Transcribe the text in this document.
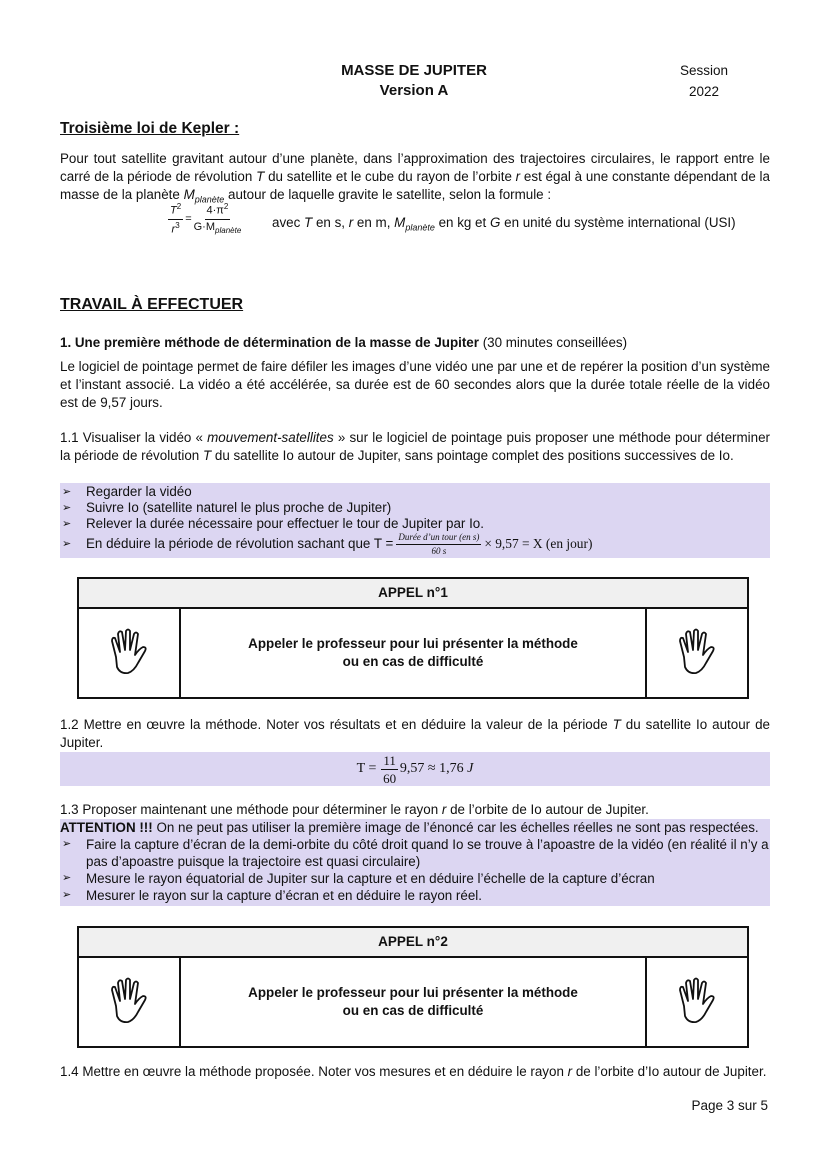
MASSE DE JUPITER
Version A
Session
2022
Troisième loi de Kepler :
Pour tout satellite gravitant autour d’une planète, dans l’approximation des trajectoires circulaires, le rapport entre le carré de la période de révolution T du satellite et le cube du rayon de l’orbite r est égal à une constante dépendant de la masse de la planète $M_{planète}$ autour de laquelle gravite le satellite, selon la formule :
$\frac{T^2}{r^3} = \frac{4\cdot\pi^2}{G\cdot M_{planète}}$ avec T en s, r en m, $M_{planète}$ en kg et G en unité du système international (USI)
TRAVAIL À EFFECTUER
1. Une première méthode de détermination de la masse de Jupiter (30 minutes conseillées)
Le logiciel de pointage permet de faire défiler les images d’une vidéo une par une et de repérer la position d’un système et l’instant associé. La vidéo a été accélérée, sa durée est de 60 secondes alors que la durée totale réelle de la vidéo est de 9,57 jours.
1.1 Visualiser la vidéo « mouvement-satellites » sur le logiciel de pointage puis proposer une méthode pour déterminer la période de révolution T du satellite Io autour de Jupiter, sans pointage complet des positions successives de Io.
➢	Regarder la vidéo
➢	Suivre Io (satellite naturel le plus proche de Jupiter)
➢	Relever la durée nécessaire pour effectuer le tour de Jupiter par Io.
➢	En déduire la période de révolution sachant que $T = \frac{\text{Durée d’un tour (en s)}}{60 s} \times 9,57 = X$ (en jour)
APPEL n°1
Appeler le professeur pour lui présenter la méthode
ou en cas de difficulté
1.2 Mettre en œuvre la méthode. Noter vos résultats et en déduire la valeur de la période T du satellite Io autour de Jupiter.
$T = \frac{11}{60} 9,57 \approx 1,76$
J
1.3 Proposer maintenant une méthode pour déterminer le rayon r de l’orbite de Io autour de Jupiter.
ATTENTION !!! On ne peut pas utiliser la première image de l’énoncé car les échelles réelles ne sont pas respectées.
➢	Faire la capture d’écran de la demi-orbite du côté droit quand Io se trouve à l’apoastre de la vidéo (en réalité il n’y a pas d’apoastre puisque la trajectoire est quasi circulaire)
➢	Mesure le rayon équatorial de Jupiter sur la capture et en déduire l’échelle de la capture d’écran
➢	Mesurer le rayon sur la capture d’écran et en déduire le rayon réel.
APPEL n°2
Appeler le professeur pour lui présenter la méthode
ou en cas de difficulté
1.4 Mettre en œuvre la méthode proposée. Noter vos mesures et en déduire le rayon r de l’orbite d’Io autour de Jupiter.
Page 3 sur 5
